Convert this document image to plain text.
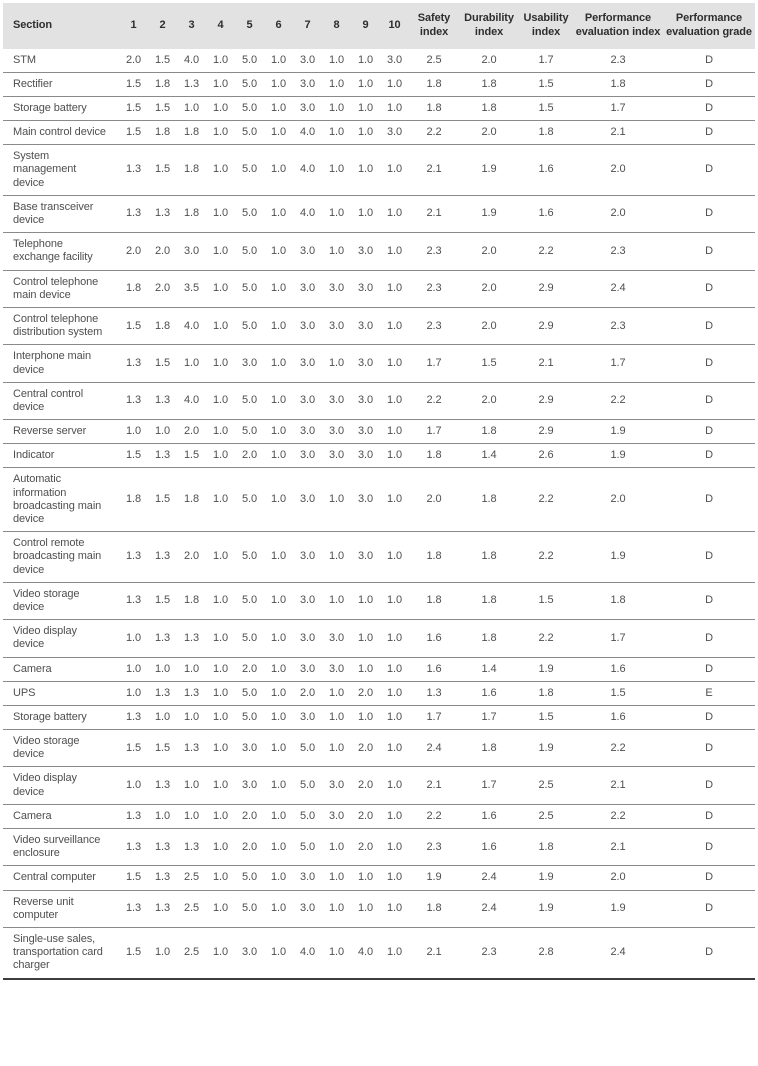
Section	1	2	3	4	5	6	7	8	9	10	Safety index	Durability index	Usability index	Performance evaluation index	Performance evaluation grade
STM	2.0	1.5	4.0	1.0	5.0	1.0	3.0	1.0	1.0	3.0	2.5	2.0	1.7	2.3	D
Rectifier	1.5	1.8	1.3	1.0	5.0	1.0	3.0	1.0	1.0	1.0	1.8	1.8	1.5	1.8	D
Storage battery	1.5	1.5	1.0	1.0	5.0	1.0	3.0	1.0	1.0	1.0	1.8	1.8	1.5	1.7	D
Main control device	1.5	1.8	1.8	1.0	5.0	1.0	4.0	1.0	1.0	3.0	2.2	2.0	1.8	2.1	D
System management device	1.3	1.5	1.8	1.0	5.0	1.0	4.0	1.0	1.0	1.0	2.1	1.9	1.6	2.0	D
Base transceiver device	1.3	1.3	1.8	1.0	5.0	1.0	4.0	1.0	1.0	1.0	2.1	1.9	1.6	2.0	D
Telephone exchange facility	2.0	2.0	3.0	1.0	5.0	1.0	3.0	1.0	3.0	1.0	2.3	2.0	2.2	2.3	D
Control telephone main device	1.8	2.0	3.5	1.0	5.0	1.0	3.0	3.0	3.0	1.0	2.3	2.0	2.9	2.4	D
Control telephone distribution system	1.5	1.8	4.0	1.0	5.0	1.0	3.0	3.0	3.0	1.0	2.3	2.0	2.9	2.3	D
Interphone main device	1.3	1.5	1.0	1.0	3.0	1.0	3.0	1.0	3.0	1.0	1.7	1.5	2.1	1.7	D
Central control device	1.3	1.3	4.0	1.0	5.0	1.0	3.0	3.0	3.0	1.0	2.2	2.0	2.9	2.2	D
Reverse server	1.0	1.0	2.0	1.0	5.0	1.0	3.0	3.0	3.0	1.0	1.7	1.8	2.9	1.9	D
Indicator	1.5	1.3	1.5	1.0	2.0	1.0	3.0	3.0	3.0	1.0	1.8	1.4	2.6	1.9	D
Automatic information broadcasting main device	1.8	1.5	1.8	1.0	5.0	1.0	3.0	1.0	3.0	1.0	2.0	1.8	2.2	2.0	D
Control remote broadcasting main device	1.3	1.3	2.0	1.0	5.0	1.0	3.0	1.0	3.0	1.0	1.8	1.8	2.2	1.9	D
Video storage device	1.3	1.5	1.8	1.0	5.0	1.0	3.0	1.0	1.0	1.0	1.8	1.8	1.5	1.8	D
Video display device	1.0	1.3	1.3	1.0	5.0	1.0	3.0	3.0	1.0	1.0	1.6	1.8	2.2	1.7	D
Camera	1.0	1.0	1.0	1.0	2.0	1.0	3.0	3.0	1.0	1.0	1.6	1.4	1.9	1.6	D
UPS	1.0	1.3	1.3	1.0	5.0	1.0	2.0	1.0	2.0	1.0	1.3	1.6	1.8	1.5	E
Storage battery	1.3	1.0	1.0	1.0	5.0	1.0	3.0	1.0	1.0	1.0	1.7	1.7	1.5	1.6	D
Video storage device	1.5	1.5	1.3	1.0	3.0	1.0	5.0	1.0	2.0	1.0	2.4	1.8	1.9	2.2	D
Video display device	1.0	1.3	1.0	1.0	3.0	1.0	5.0	3.0	2.0	1.0	2.1	1.7	2.5	2.1	D
Camera	1.3	1.0	1.0	1.0	2.0	1.0	5.0	3.0	2.0	1.0	2.2	1.6	2.5	2.2	D
Video surveillance enclosure	1.3	1.3	1.3	1.0	2.0	1.0	5.0	1.0	2.0	1.0	2.3	1.6	1.8	2.1	D
Central computer	1.5	1.3	2.5	1.0	5.0	1.0	3.0	1.0	1.0	1.0	1.9	2.4	1.9	2.0	D
Reverse unit computer	1.3	1.3	2.5	1.0	5.0	1.0	3.0	1.0	1.0	1.0	1.8	2.4	1.9	1.9	D
Single-use sales, transportation card charger	1.5	1.0	2.5	1.0	3.0	1.0	4.0	1.0	4.0	1.0	2.1	2.3	2.8	2.4	D
